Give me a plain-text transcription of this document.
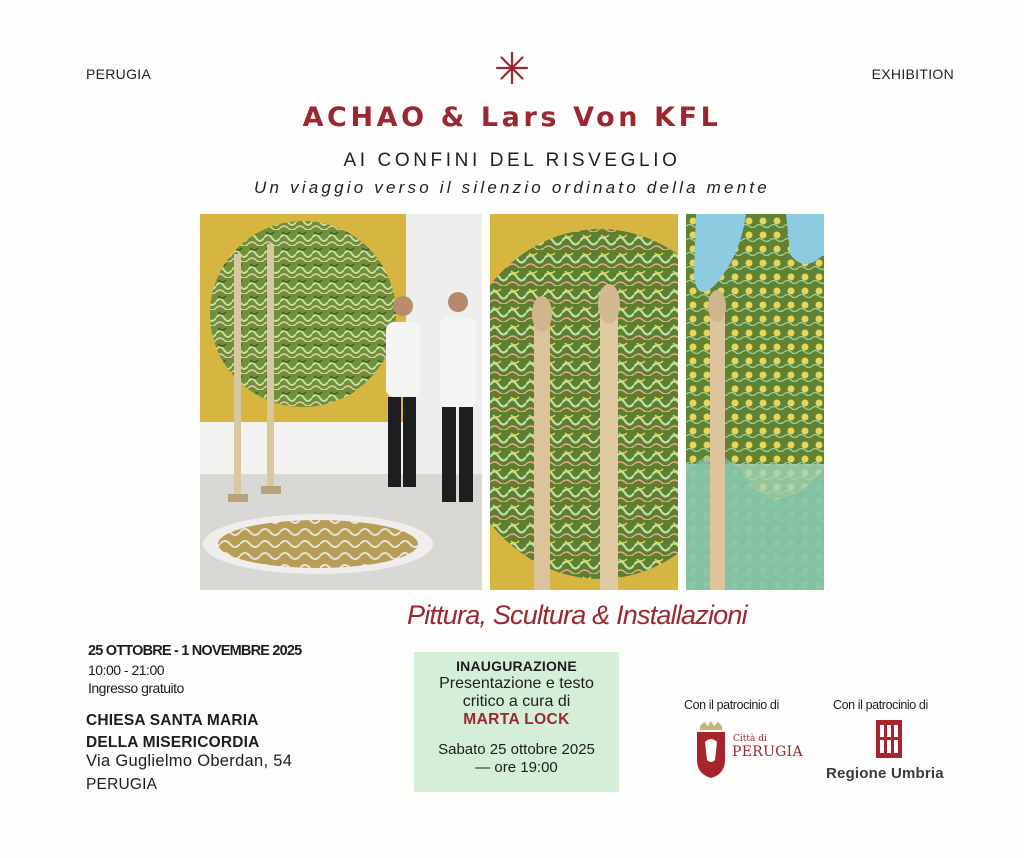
PERUGIA	EXHIBITION
ACHAO & Lars Von KFL
AI CONFINI DEL RISVEGLIO
Un viaggio verso il silenzio ordinato della mente
Pittura, Scultura & Installazioni
25 OTTOBRE - 1 NOVEMBRE 2025
10:00 - 21:00
Ingresso gratuito
CHIESA SANTA MARIA
DELLA MISERICORDIA
Via Guglielmo Oberdan, 54
PERUGIA
INAUGURAZIONE
Presentazione e testo critico a cura di
MARTA LOCK
Sabato 25 ottobre 2025
— ore 19:00
Con il patrocinio di	Con il patrocinio di
Città di
PERUGIA
Regione Umbria
